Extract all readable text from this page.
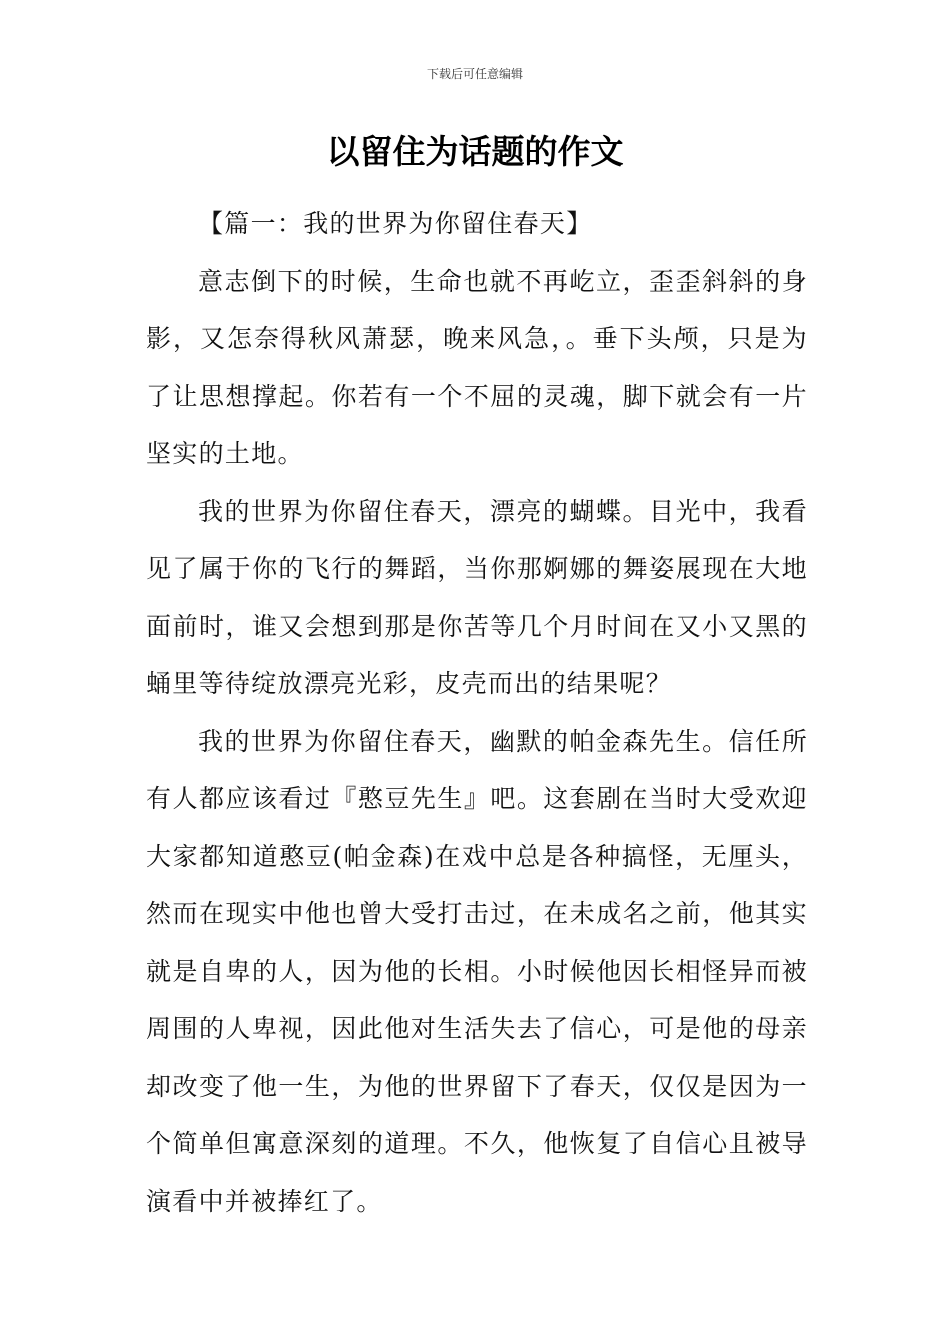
下载后可任意编辑
以留住为话题的作文

【篇一：我的世界为你留住春天】

意志倒下的时候，生命也就不再屹立，歪歪斜斜的身影，又怎奈得秋风萧瑟，晚来风急，。垂下头颅，只是为了让思想撑起。你若有一个不屈的灵魂，脚下就会有一片坚实的土地。

我的世界为你留住春天，漂亮的蝴蝶。目光中，我看见了属于你的飞行的舞蹈，当你那婀娜的舞姿展现在大地面前时，谁又会想到那是你苦等几个月时间在又小又黑的蛹里等待绽放漂亮光彩，皮壳而出的结果呢？

我的世界为你留住春天，幽默的帕金森先生。信任所有人都应该看过『憨豆先生』吧。这套剧在当时大受欢迎大家都知道憨豆(帕金森)在戏中总是各种搞怪，无厘头，然而在现实中他也曾大受打击过，在未成名之前，他其实就是自卑的人，因为他的长相。小时候他因长相怪异而被周围的人卑视，因此他对生活失去了信心，可是他的母亲却改变了他一生，为他的世界留下了春天，仅仅是因为一个简单但寓意深刻的道理。不久，他恢复了自信心且被导演看中并被捧红了。
